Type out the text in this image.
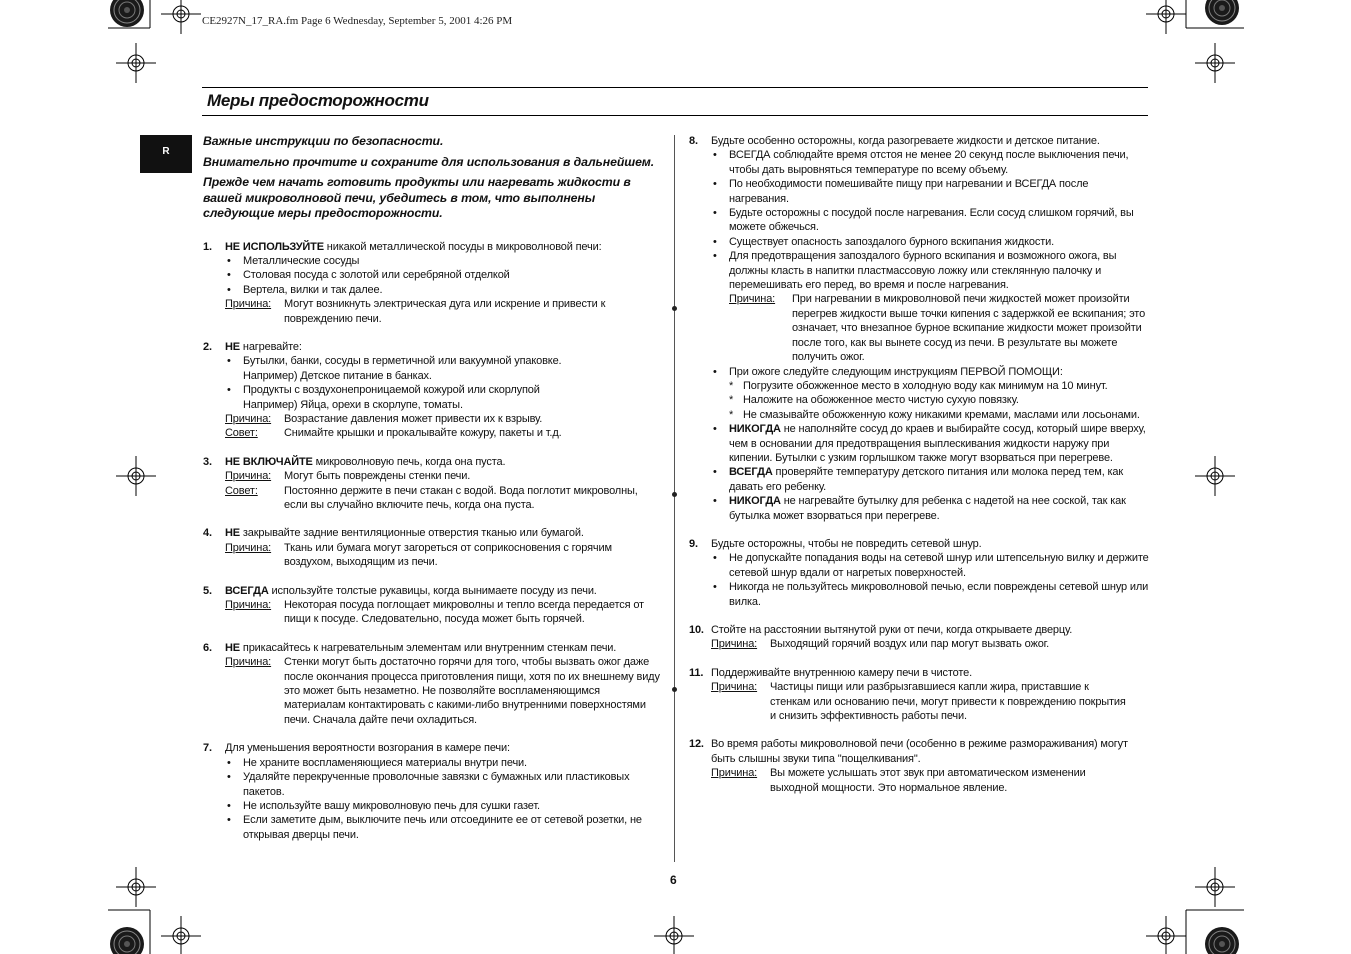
CE2927N_17_RA.fm Page 6 Wednesday, September 5, 2001 4:26 PM
Меры предосторожности
R
Важные инструкции по безопасности.
Внимательно прочтите и сохраните для использования в дальнейшем.
Прежде чем начать готовить продукты или нагревать жидкости в вашей микроволновой печи, убедитесь в том, что выполнены следующие меры предосторожности.
1. НЕ ИСПОЛЬЗУЙТЕ никакой металлической посуды в микроволновой печи:
• Металлические сосуды
• Столовая посуда с золотой или серебряной отделкой
• Вертела, вилки и так далее.
Причина:	Могут возникнуть электрическая дуга или искрение и привести к повреждению печи.
2. НЕ нагревайте:
• Бутылки, банки, сосуды в герметичной или вакуумной упаковке. Например) Детское питание в банках.
• Продукты с воздухонепроницаемой кожурой или скорлупой Например) Яйца, орехи в скорлупе, томаты.
Причина:	Возрастание давления может привести их к взрыву.
Совет:	Снимайте крышки и прокалывайте кожуру, пакеты и т.д.
3. НЕ ВКЛЮЧАЙТЕ микроволновую печь, когда она пуста.
Причина:	Могут быть повреждены стенки печи.
Совет:	Постоянно держите в печи стакан с водой. Вода поглотит микроволны, если вы случайно включите печь, когда она пуста.
4. НЕ закрывайте задние вентиляционные отверстия тканью или бумагой.
Причина:	Ткань или бумага могут загореться от соприкосновения с горячим воздухом, выходящим из печи.
5. ВСЕГДА используйте толстые рукавицы, когда вынимаете посуду из печи.
Причина:	Некоторая посуда поглощает микроволны и тепло всегда передается от пищи к посуде. Следовательно, посуда может быть горячей.
6. НЕ прикасайтесь к нагревательным элементам или внутренним стенкам печи.
Причина:	Стенки могут быть достаточно горячи для того, чтобы вызвать ожог даже после окончания процесса приготовления пищи, хотя по их внешнему виду это может быть незаметно. Не позволяйте воспламеняющимся материалам контактировать с какими-либо внутренними поверхностями печи. Сначала дайте печи охладиться.
7. Для уменьшения вероятности возгорания в камере печи:
• Не храните воспламеняющиеся материалы внутри печи.
• Удаляйте перекрученные проволочные завязки с бумажных или пластиковых пакетов.
• Не используйте вашу микроволновую печь для сушки газет.
• Если заметите дым, выключите печь или отсоедините ее от сетевой розетки, не открывая дверцы печи.
8. Будьте особенно осторожны, когда разогреваете жидкости и детское питание.
• ВСЕГДА соблюдайте время отстоя не менее 20 секунд после выключения печи, чтобы дать выровняться температуре по всему объему.
• По необходимости помешивайте пищу при нагревании и ВСЕГДА после нагревания.
• Будьте осторожны с посудой после нагревания. Если сосуд слишком горячий, вы можете обжечься.
• Существует опасность запоздалого бурного вскипания жидкости.
• Для предотвращения запоздалого бурного вскипания и возможного ожога, вы должны класть в напитки пластмассовую ложку или стеклянную палочку и перемешивать его перед, во время и после нагревания.
Причина:	При нагревании в микроволновой печи жидкостей может произойти перегрев жидкости выше точки кипения с задержкой ее вскипания; это означает, что внезапное бурное вскипание жидкости может произойти после того, как вы вынете сосуд из печи. В результате вы можете получить ожог.
• При ожоге следуйте следующим инструкциям ПЕРВОЙ ПОМОЩИ:
* Погрузите обожженное место в холодную воду как минимум на 10 минут.
* Наложите на обожженное место чистую сухую повязку.
* Не смазывайте обожженную кожу никакими кремами, маслами или лосьонами.
• НИКОГДА не наполняйте сосуд до краев и выбирайте сосуд, который шире вверху, чем в основании для предотвращения выплескивания жидкости наружу при кипении. Бутылки с узким горлышком также могут взорваться при перегреве.
• ВСЕГДА проверяйте температуру детского питания или молока перед тем, как давать его ребенку.
• НИКОГДА не нагревайте бутылку для ребенка с надетой на нее соской, так как бутылка может взорваться при перегреве.
9. Будьте осторожны, чтобы не повредить сетевой шнур.
• Не допускайте попадания воды на сетевой шнур или штепсельную вилку и держите сетевой шнур вдали от нагретых поверхностей.
• Никогда не пользуйтесь микроволновой печью, если повреждены сетевой шнур или вилка.
10. Стойте на расстоянии вытянутой руки от печи, когда открываете дверцу.
Причина:	Выходящий горячий воздух или пар могут вызвать ожог.
11. Поддерживайте внутреннюю камеру печи в чистоте.
Причина:	Частицы пищи или разбрызгавшиеся капли жира, приставшие к стенкам или основанию печи, могут привести к повреждению покрытия и снизить эффективность работы печи.
12. Во время работы микроволновой печи (особенно в режиме размораживания) могут быть слышны звуки типа "пощелкивания".
Причина:	Вы можете услышать этот звук при автоматическом изменении выходной мощности. Это нормальное явление.
6
